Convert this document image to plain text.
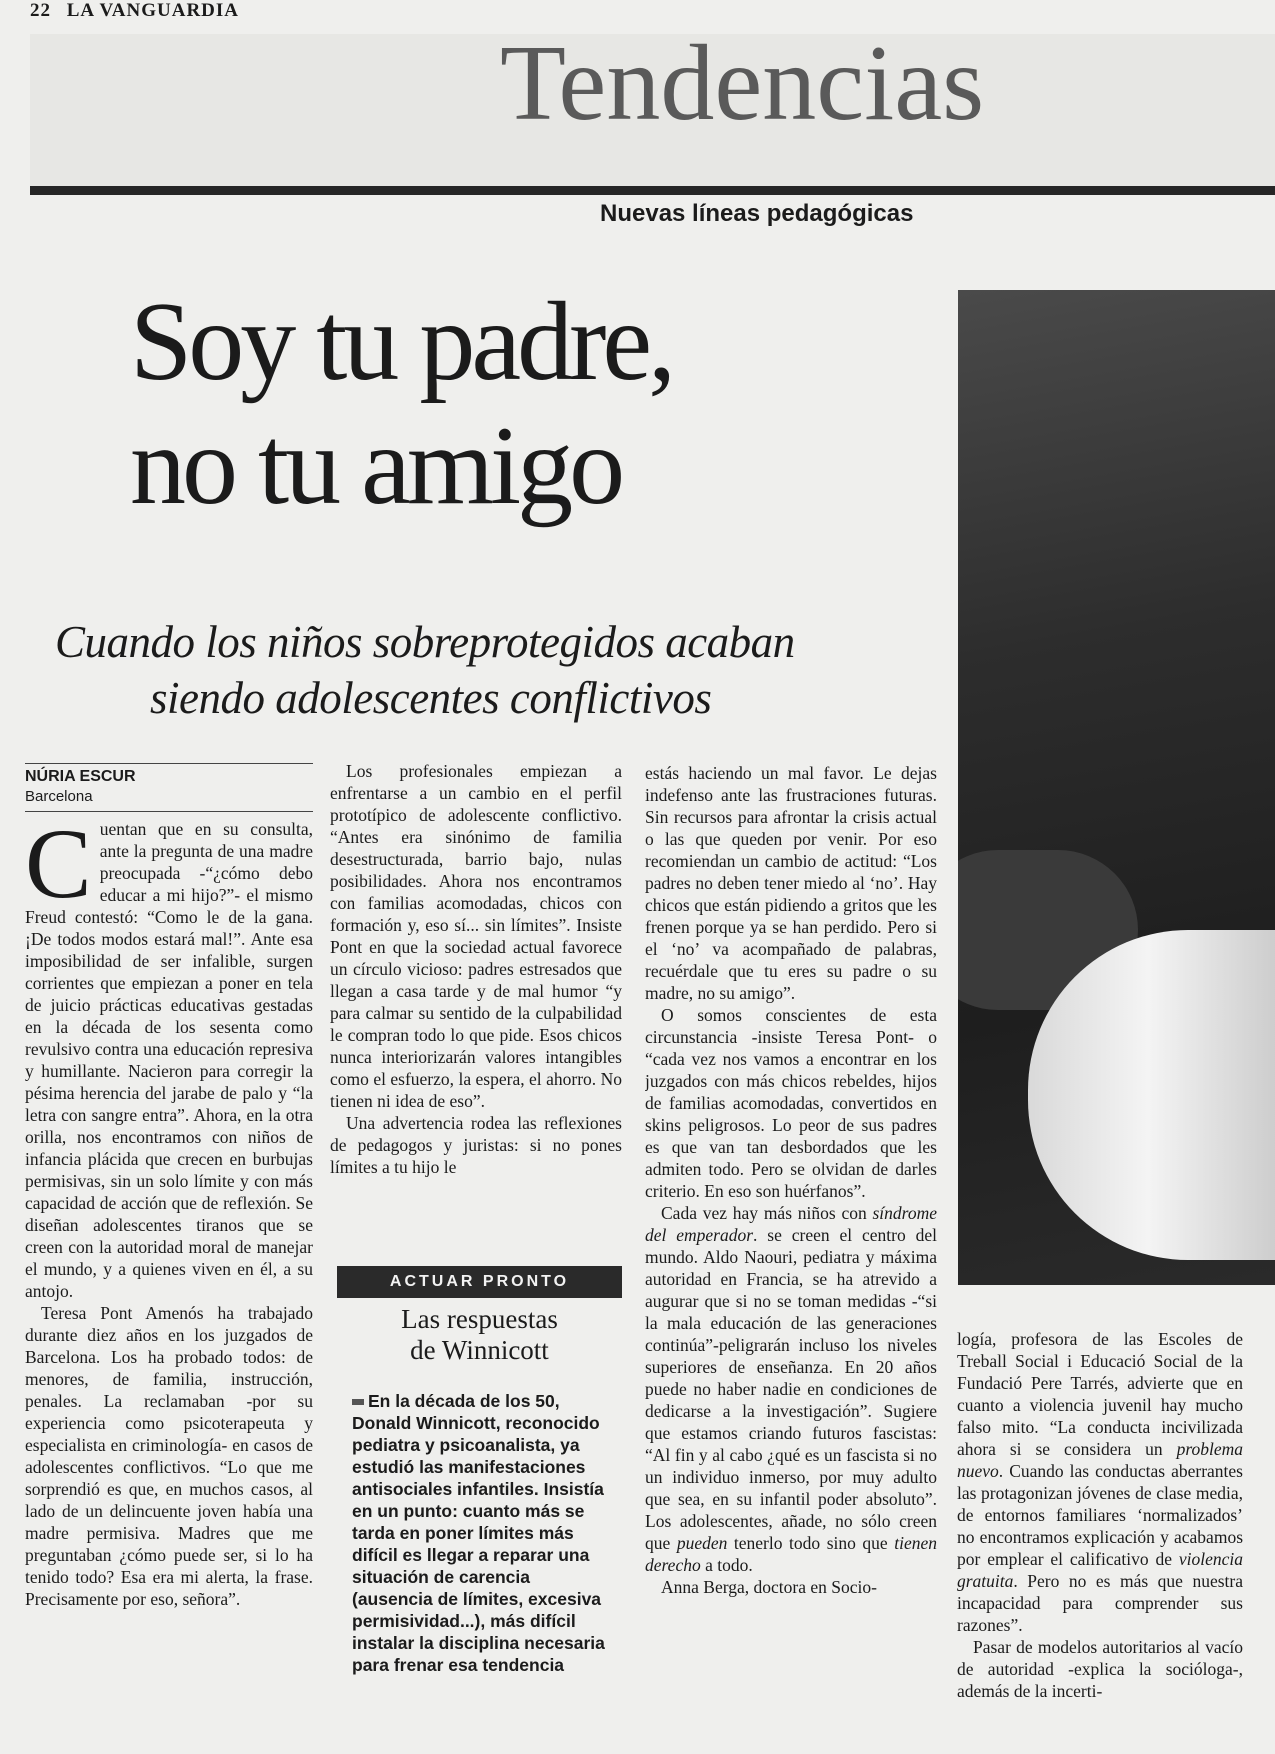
22 LA VANGUARDIA
Tendencias
Nuevas líneas pedagógicas
Soy tu padre,
no tu amigo
Cuando los niños sobreprotegidos acaban
siendo adolescentes conflictivos
NÚRIA ESCUR
Barcelona

Cuentan que en su consulta, ante la pregunta de una madre preocupada -“¿cómo debo educar a mi hijo?”- el mismo Freud contestó: “Como le de la gana. ¡De todos modos estará mal!”. Ante esa imposibilidad de ser infalible, surgen corrientes que empiezan a poner en tela de juicio prácticas educativas gestadas en la década de los sesenta como revulsivo contra una educación represiva y humillante. Nacieron para corregir la pésima herencia del jarabe de palo y “la letra con sangre entra”. Ahora, en la otra orilla, nos encontramos con niños de infancia plácida que crecen en burbujas permisivas, sin un solo límite y con más capacidad de acción que de reflexión. Se diseñan adolescentes tiranos que se creen con la autoridad moral de manejar el mundo, y a quienes viven en él, a su antojo.

Teresa Pont Amenós ha trabajado durante diez años en los juzgados de Barcelona. Los ha probado todos: de menores, de familia, instrucción, penales. La reclamaban -por su experiencia como psicoterapeuta y especialista en criminología- en casos de adolescentes conflictivos. “Lo que me sorprendió es que, en muchos casos, al lado de un delincuente joven había una madre permisiva. Madres que me preguntaban ¿cómo puede ser, si lo ha tenido todo? Esa era mi alerta, la frase. Precisamente por eso, señora”.

Los profesionales empiezan a enfrentarse a un cambio en el perfil prototípico de adolescente conflictivo. “Antes era sinónimo de familia desestructurada, barrio bajo, nulas posibilidades. Ahora nos encontramos con familias acomodadas, chicos con formación y, eso sí... sin límites”. Insiste Pont en que la sociedad actual favorece un círculo vicioso: padres estresados que llegan a casa tarde y de mal humor “y para calmar su sentido de la culpabilidad le compran todo lo que pide. Esos chicos nunca interiorizarán valores intangibles como el esfuerzo, la espera, el ahorro. No tienen ni idea de eso”.

Una advertencia rodea las reflexiones de pedagogos y juristas: si no pones límites a tu hijo le

ACTUAR PRONTO
Las respuestas
de Winnicott
En la década de los 50, Donald Winnicott, reconocido pediatra y psicoanalista, ya estudió las manifestaciones antisociales infantiles. Insistía en un punto: cuanto más se tarda en poner límites más difícil es llegar a reparar una situación de carencia (ausencia de límites, excesiva permisividad...), más difícil instalar la disciplina necesaria para frenar esa tendencia

estás haciendo un mal favor. Le dejas indefenso ante las frustraciones futuras. Sin recursos para afrontar la crisis actual o las que queden por venir. Por eso recomiendan un cambio de actitud: “Los padres no deben tener miedo al ‘no’. Hay chicos que están pidiendo a gritos que les frenen porque ya se han perdido. Pero si el ‘no’ va acompañado de palabras, recuérdale que tu eres su padre o su madre, no su amigo”.

O somos conscientes de esta circunstancia -insiste Teresa Pont- o “cada vez nos vamos a encontrar en los juzgados con más chicos rebeldes, hijos de familias acomodadas, convertidos en skins peligrosos. Lo peor de sus padres es que van tan desbordados que les admiten todo. Pero se olvidan de darles criterio. En eso son huérfanos”.

Cada vez hay más niños con síndrome del emperador. se creen el centro del mundo. Aldo Naouri, pediatra y máxima autoridad en Francia, se ha atrevido a augurar que si no se toman medidas -“si la mala educación de las generaciones continúa”-peligrarán incluso los niveles superiores de enseñanza. En 20 años puede no haber nadie en condiciones de dedicarse a la investigación”. Sugiere que estamos criando futuros fascistas: “Al fin y al cabo ¿qué es un fascista si no un individuo inmerso, por muy adulto que sea, en su infantil poder absoluto”. Los adolescentes, añade, no sólo creen que pueden tenerlo todo sino que tienen derecho a todo.

Anna Berga, doctora en Socio-

logía, profesora de las Escoles de Treball Social i Educació Social de la Fundació Pere Tarrés, advierte que en cuanto a violencia juvenil hay mucho falso mito. “La conducta incivilizada ahora si se considera un problema nuevo. Cuando las conductas aberrantes las protagonizan jóvenes de clase media, de entornos familiares ‘normalizados’ no encontramos explicación y acabamos por emplear el calificativo de violencia gratuita. Pero no es más que nuestra incapacidad para comprender sus razones”.

Pasar de modelos autoritarios al vacío de autoridad -explica la socióloga-, además de la incerti-
